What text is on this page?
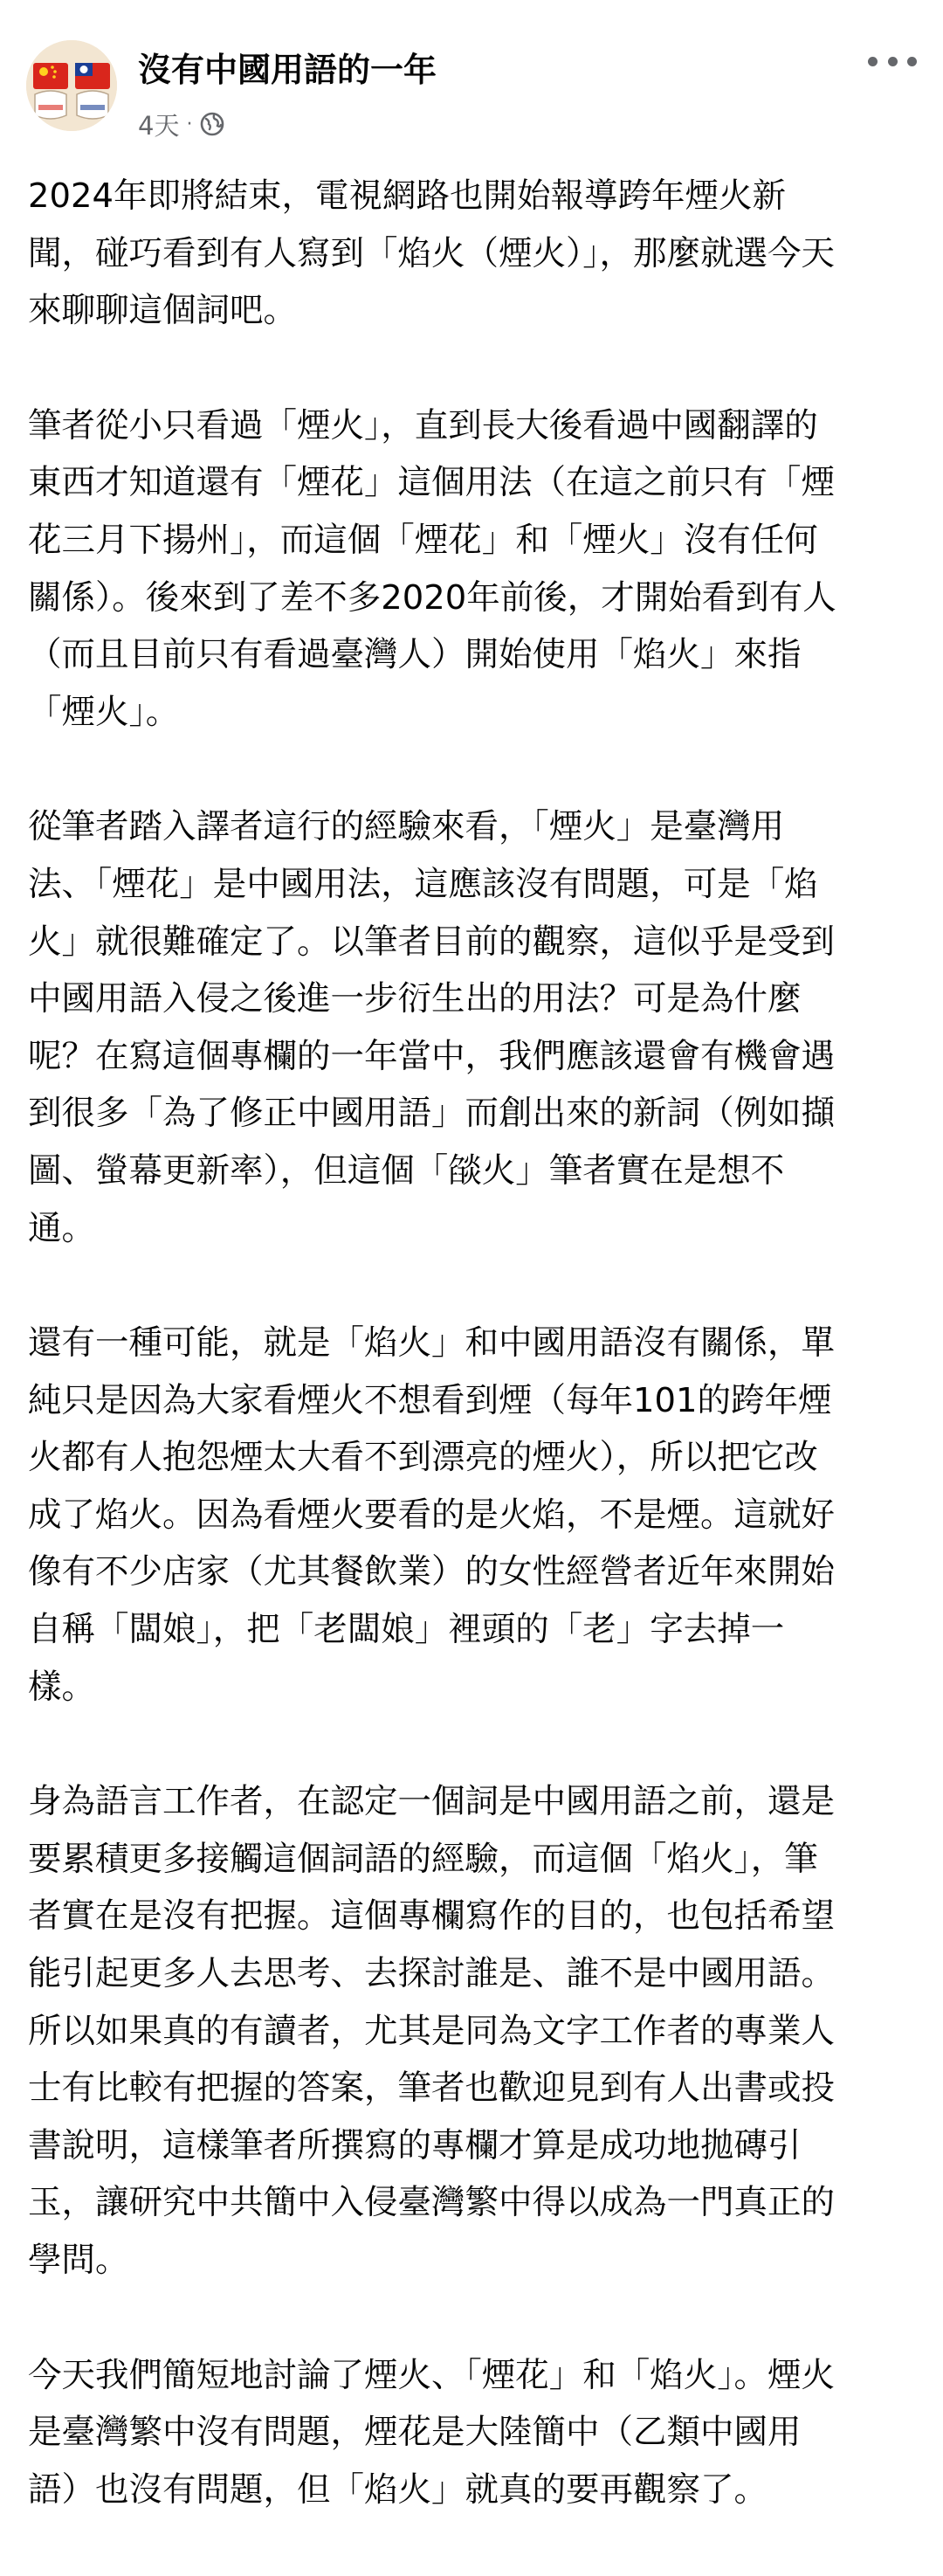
沒有中國用語的一年
4天 ·

2024年即將結束，電視網路也開始報導跨年煙火新
聞，碰巧看到有人寫到「焰火（煙火）」，那麼就選今天
來聊聊這個詞吧。

筆者從小只看過「煙火」，直到長大後看過中國翻譯的
東西才知道還有「煙花」這個用法（在這之前只有「煙
花三月下揚州」，而這個「煙花」和「煙火」沒有任何
關係）。後來到了差不多2020年前後，才開始看到有人
（而且目前只有看過臺灣人）開始使用「焰火」來指
「煙火」。

從筆者踏入譯者這行的經驗來看，「煙火」是臺灣用
法、「煙花」是中國用法，這應該沒有問題，可是「焰
火」就很難確定了。以筆者目前的觀察，這似乎是受到
中國用語入侵之後進一步衍生出的用法？可是為什麼
呢？在寫這個專欄的一年當中，我們應該還會有機會遇
到很多「為了修正中國用語」而創出來的新詞（例如擷
圖、螢幕更新率），但這個「燄火」筆者實在是想不
通。

還有一種可能，就是「焰火」和中國用語沒有關係，單
純只是因為大家看煙火不想看到煙（每年101的跨年煙
火都有人抱怨煙太大看不到漂亮的煙火），所以把它改
成了焰火。因為看煙火要看的是火焰，不是煙。這就好
像有不少店家（尤其餐飲業）的女性經營者近年來開始
自稱「闆娘」，把「老闆娘」裡頭的「老」字去掉一
樣。

身為語言工作者，在認定一個詞是中國用語之前，還是
要累積更多接觸這個詞語的經驗，而這個「焰火」，筆
者實在是沒有把握。這個專欄寫作的目的，也包括希望
能引起更多人去思考、去探討誰是、誰不是中國用語。
所以如果真的有讀者，尤其是同為文字工作者的專業人
士有比較有把握的答案，筆者也歡迎見到有人出書或投
書說明，這樣筆者所撰寫的專欄才算是成功地拋磚引
玉，讓研究中共簡中入侵臺灣繁中得以成為一門真正的
學問。

今天我們簡短地討論了煙火、「煙花」和「焰火」。煙火
是臺灣繁中沒有問題，煙花是大陸簡中（乙類中國用
語）也沒有問題，但「焰火」就真的要再觀察了。
